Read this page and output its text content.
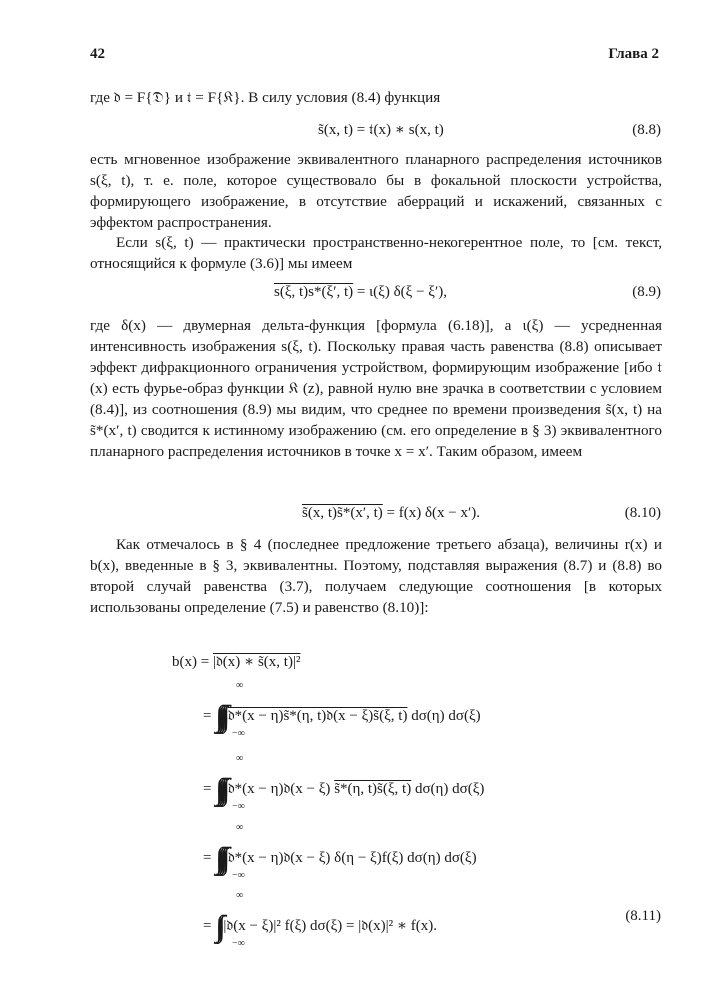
42	Глава 2
где 𝔡 = F{𝔇} и 𝔱 = F{𝔎}. В силу условия (8.4) функция
s̃(x, t) = 𝔱(x) ∗ s(x, t)	(8.8)

есть мгновенное изображение эквивалентного планарного распределения источников s(ξ, t), т. е. поле, которое существовало бы в фокальной плоскости устройства, формирующего изображение, в отсутствие аберраций и искажений, связанных с эффектом распространения.

Если s(ξ, t) — практически пространственно-некогерентное поле, то [см. текст, относящийся к формуле (3.6)] мы имеем

s(ξ, t)s*(ξ′, t) = ι(ξ) δ(ξ − ξ′),	(8.9)

где δ(x) — двумерная дельта-функция [формула (6.18)], а ι(ξ) — усредненная интенсивность изображения s(ξ, t). Поскольку правая часть равенства (8.8) описывает эффект дифракционного ограничения устройством, формирующим изображение [ибо 𝔱 (x) есть фурье-образ функции 𝔎 (z), равной нулю вне зрачка в соответствии с условием (8.4)], из соотношения (8.9) мы видим, что среднее по времени произведения s̃(x, t) на s̃*(x′, t) сводится к истинному изображению (см. его определение в § 3) эквивалентного планарного распределения источников в точке x = x′. Таким образом, имеем

s̃(x, t)s̃*(x′, t) = f(x) δ(x − x′).	(8.10)

Как отмечалось в § 4 (последнее предложение третьего абзаца), величины r(x) и b(x), введенные в § 3, эквивалентны. Поэтому, подставляя выражения (8.7) и (8.8) во второй случай равенства (3.7), получаем следующие соотношения [в которых использованы определение (7.5) и равенство (8.10)]:

b(x) = |𝔡(x) ∗ s̃(x, t)|²
= ∫∫∫∫ 𝔡*(x − η)s̃*(η, t)𝔡(x − ξ)s̃(ξ, t) dσ(η) dσ(ξ)
∞
−∞
= ∫∫∫∫ 𝔡*(x − η)𝔡(x − ξ) s̃*(η, t)s̃(ξ, t) dσ(η) dσ(ξ)
∞
−∞
= ∫∫∫∫ 𝔡*(x − η)𝔡(x − ξ) δ(η − ξ)f(ξ) dσ(η) dσ(ξ)
∞
−∞
= ∫∫ |𝔡(x − ξ)|² f(ξ) dσ(ξ) = |𝔡(x)|² ∗ f(x).
∞
−∞
(8.11)
